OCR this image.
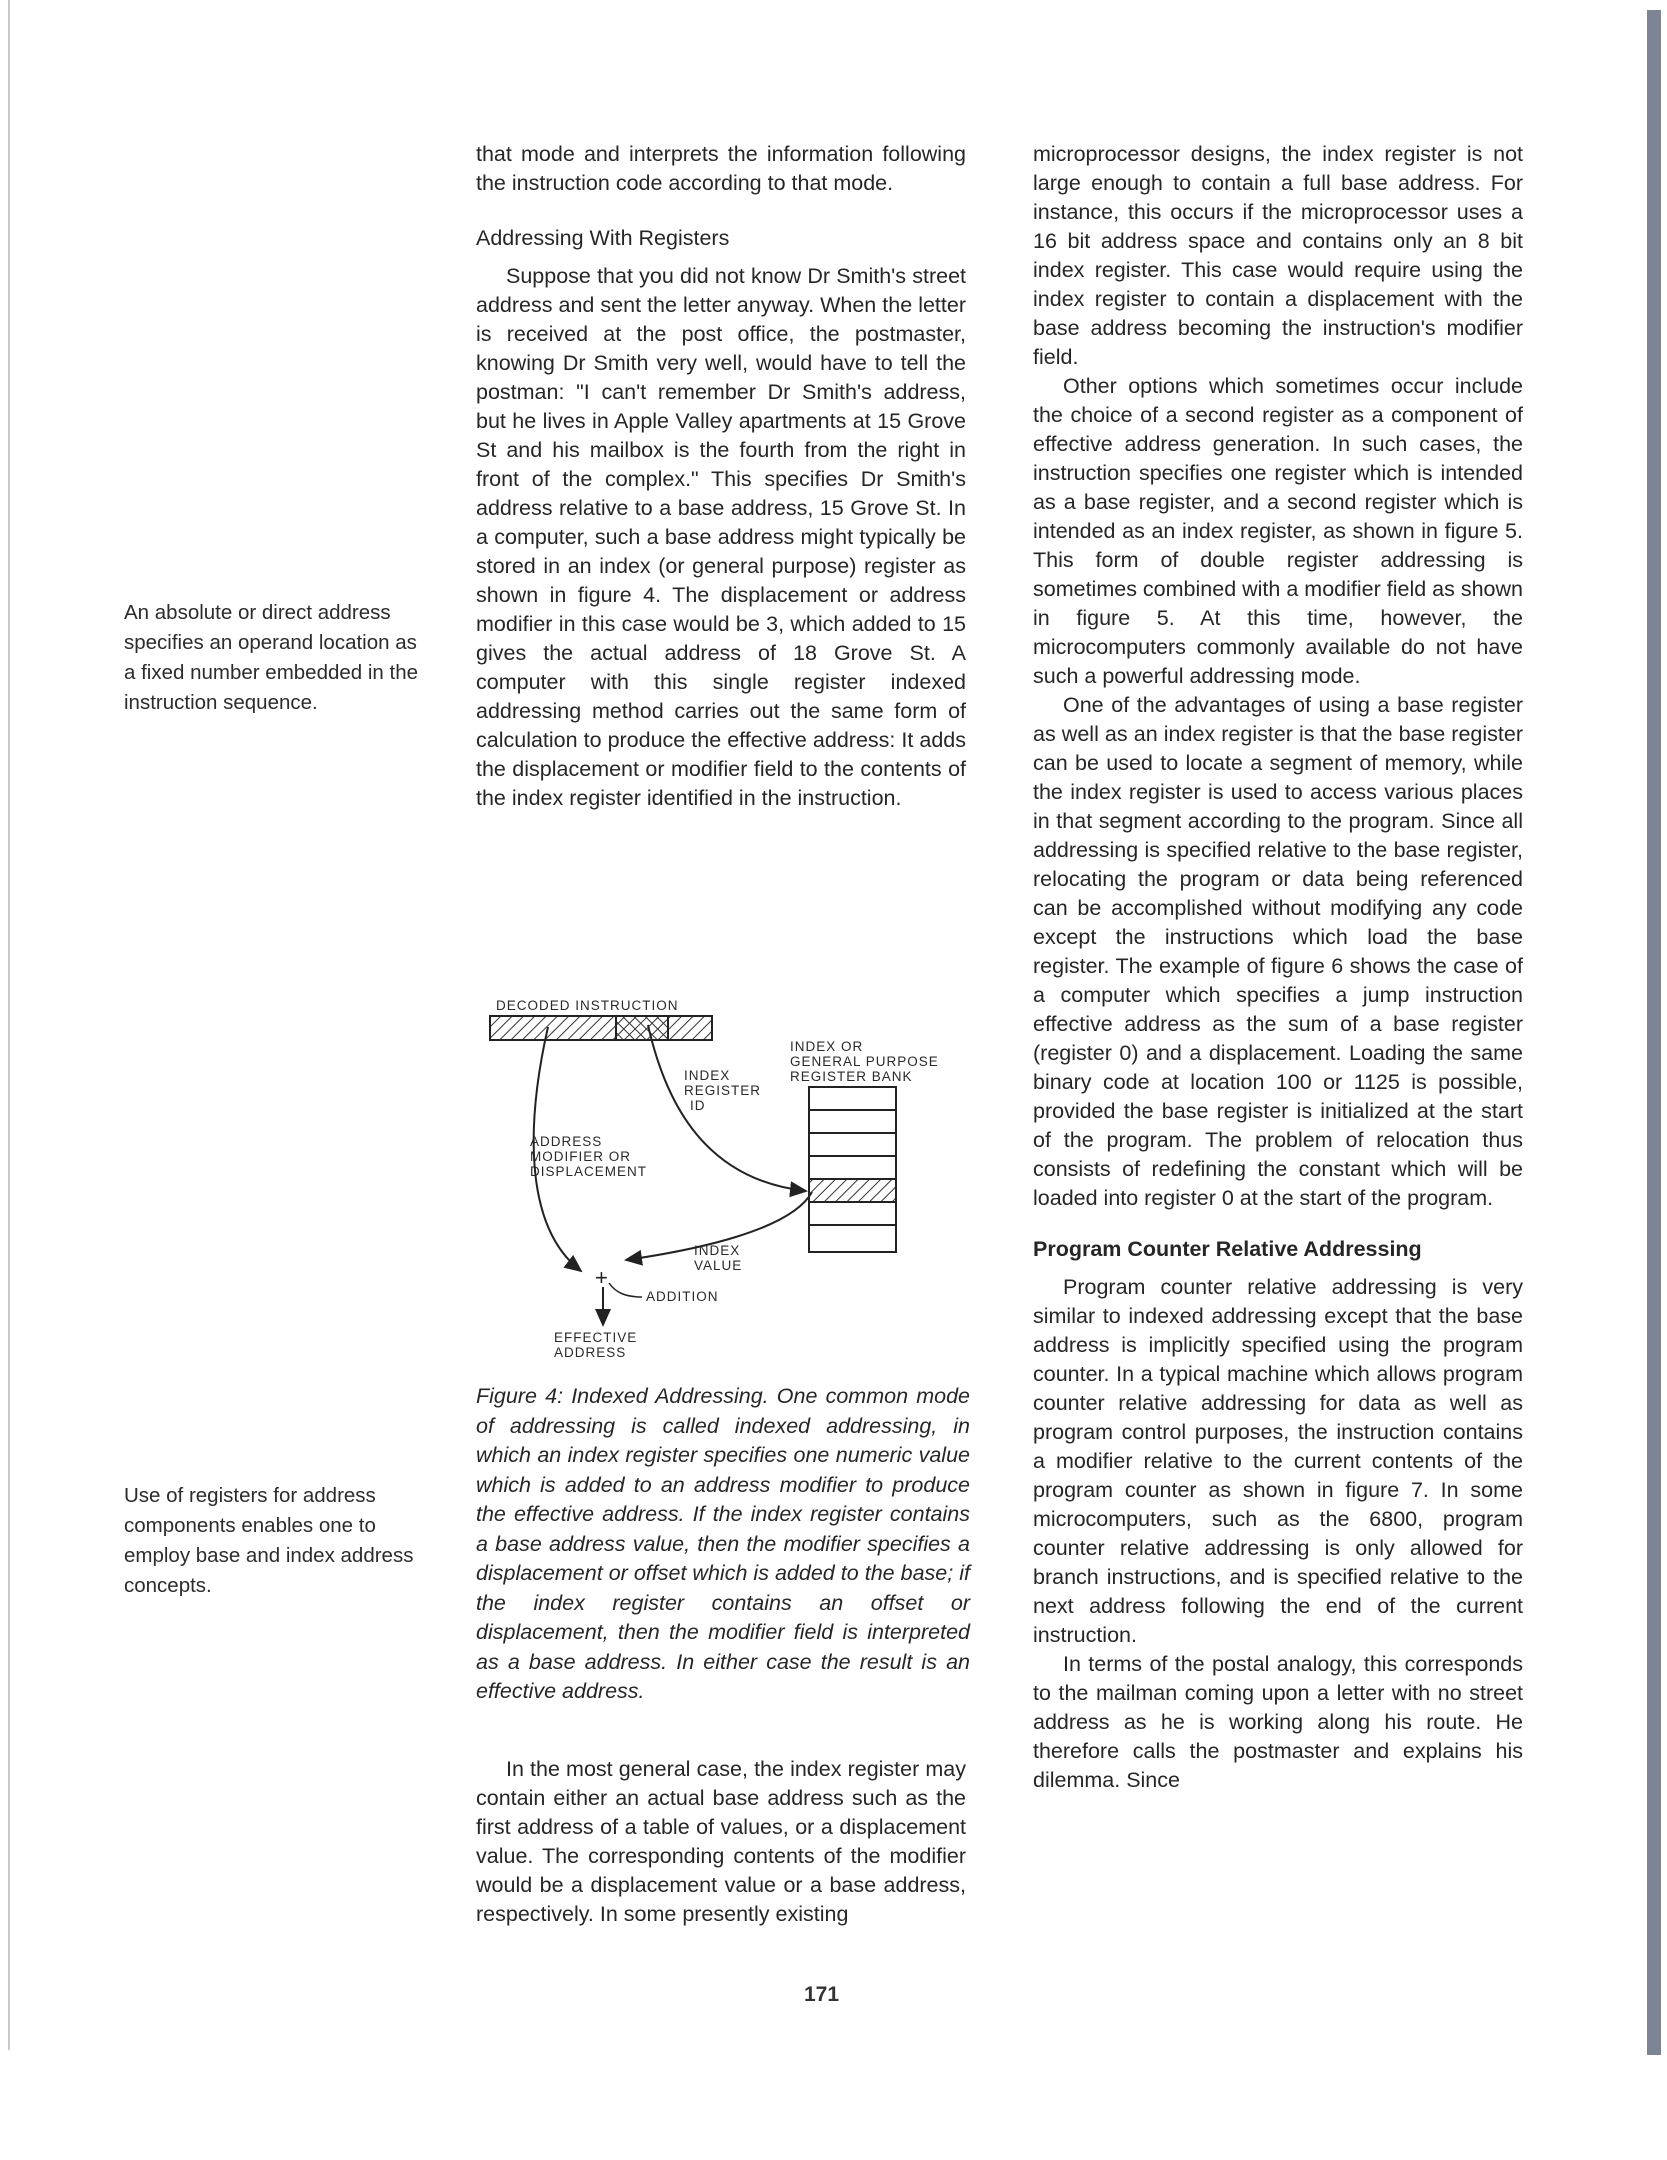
An absolute or direct address specifies an operand location as a fixed number embedded in the instruction sequence.
Use of registers for address components enables one to employ base and index address concepts.

that mode and interprets the information following the instruction code according to that mode.

Addressing With Registers

Suppose that you did not know Dr Smith's street address and sent the letter anyway. When the letter is received at the post office, the postmaster, knowing Dr Smith very well, would have to tell the postman: "I can't remember Dr Smith's address, but he lives in Apple Valley apartments at 15 Grove St and his mailbox is the fourth from the right in front of the complex." This specifies Dr Smith's address relative to a base address, 15 Grove St. In a computer, such a base address might typically be stored in an index (or general purpose) register as shown in figure 4. The displacement or address modifier in this case would be 3, which added to 15 gives the actual address of 18 Grove St. A computer with this single register indexed addressing method carries out the same form of calculation to produce the effective address: It adds the displacement or modifier field to the contents of the index register identified in the instruction.

DECODED INSTRUCTION
INDEX OR
GENERAL PURPOSE
REGISTER BANK
INDEX
REGISTER
ID
ADDRESS
MODIFIER OR
DISPLACEMENT
+
INDEX
VALUE
ADDITION
EFFECTIVE
ADDRESS
Figure 4: Indexed Addressing. One common mode of addressing is called indexed addressing, in which an index register specifies one numeric value which is added to an address modifier to produce the effective address. If the index register contains a base address value, then the modifier specifies a displacement or offset which is added to the base; if the index register contains an offset or displacement, then the modifier field is interpreted as a base address. In either case the result is an effective address.

In the most general case, the index register may contain either an actual base address such as the first address of a table of values, or a displacement value. The corresponding contents of the modifier would be a displacement value or a base address, respectively. In some presently existing

microprocessor designs, the index register is not large enough to contain a full base address. For instance, this occurs if the microprocessor uses a 16 bit address space and contains only an 8 bit index register. This case would require using the index register to contain a displacement with the base address becoming the instruction's modifier field.

Other options which sometimes occur include the choice of a second register as a component of effective address generation. In such cases, the instruction specifies one register which is intended as a base register, and a second register which is intended as an index register, as shown in figure 5. This form of double register addressing is sometimes combined with a modifier field as shown in figure 5. At this time, however, the microcomputers commonly available do not have such a powerful addressing mode.

One of the advantages of using a base register as well as an index register is that the base register can be used to locate a segment of memory, while the index register is used to access various places in that segment according to the program. Since all addressing is specified relative to the base register, relocating the program or data being referenced can be accomplished without modifying any code except the instructions which load the base register. The example of figure 6 shows the case of a computer which specifies a jump instruction effective address as the sum of a base register (register 0) and a displacement. Loading the same binary code at location 100 or 1125 is possible, provided the base register is initialized at the start of the program. The problem of relocation thus consists of redefining the constant which will be loaded into register 0 at the start of the program.

Program Counter Relative Addressing

Program counter relative addressing is very similar to indexed addressing except that the base address is implicitly specified using the program counter. In a typical machine which allows program counter relative addressing for data as well as program control purposes, the instruction contains a modifier relative to the current contents of the program counter as shown in figure 7. In some microcomputers, such as the 6800, program counter relative addressing is only allowed for branch instructions, and is specified relative to the next address following the end of the current instruction.

In terms of the postal analogy, this corresponds to the mailman coming upon a letter with no street address as he is working along his route. He therefore calls the postmaster and explains his dilemma. Since

171
